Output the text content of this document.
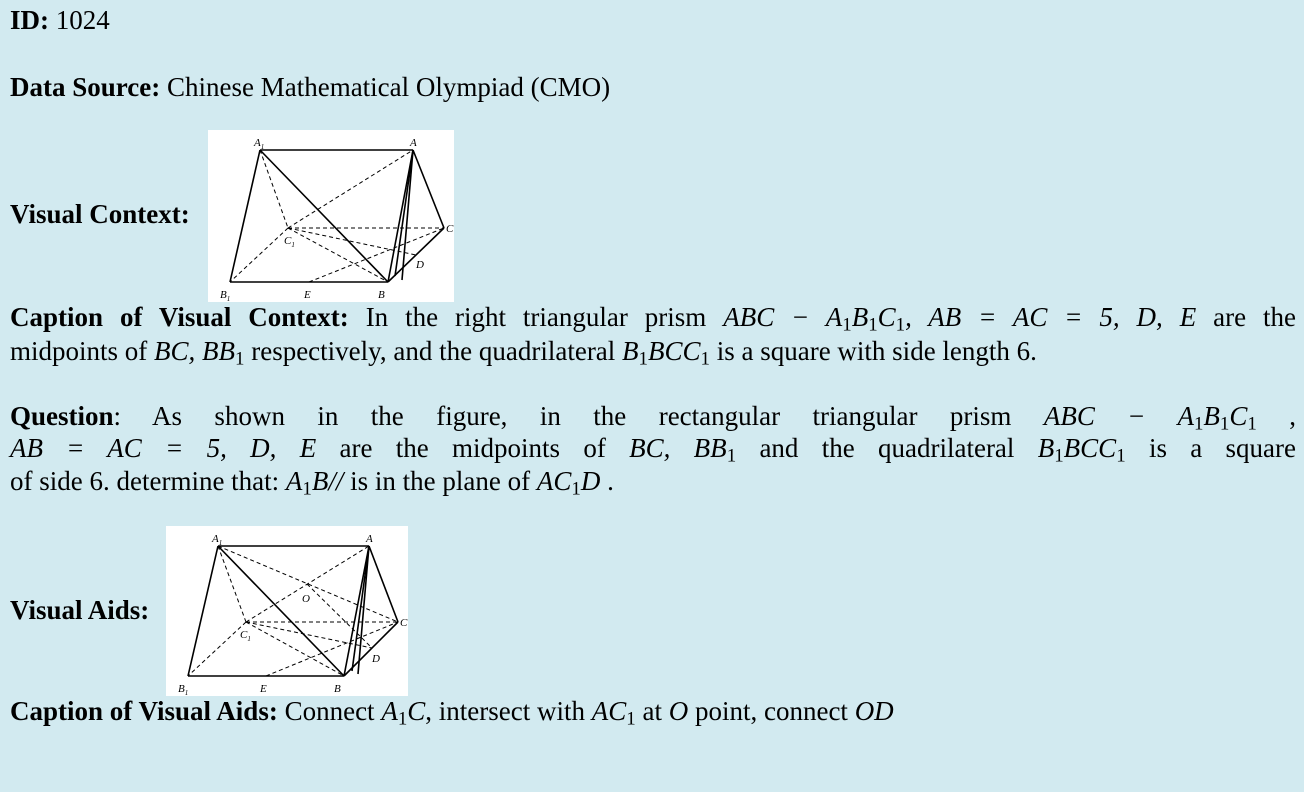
ID: 1024
Data Source: Chinese Mathematical Olympiad (CMO)
Visual Context:
$A_1$	A
$C_1$
C
D
$B_1$	E	B
Caption of Visual Context: In the right triangular prism ABC − $A_1B_1C_1$, AB = AC = 5, D, E are the
midpoints of BC, $BB_1$ respectively, and the quadrilateral $B_1BCC_1$ is a square with side length 6.
Question: As shown in the figure, in the rectangular triangular prism ABC − $A_1B_1C_1$ ,
AB = AC = 5, D, E are the midpoints of BC, $BB_1$ and the quadrilateral $B_1BCC_1$ is a square
of side 6. determine that: $A_1B//$ is in the plane of $AC_1D$ .
Visual Aids:
$A_1$	A
O
$C_1$
C
D
$B_1$	E	B
Caption of Visual Aids: Connect $A_1C$, intersect with $AC_1$ at O point, connect OD
